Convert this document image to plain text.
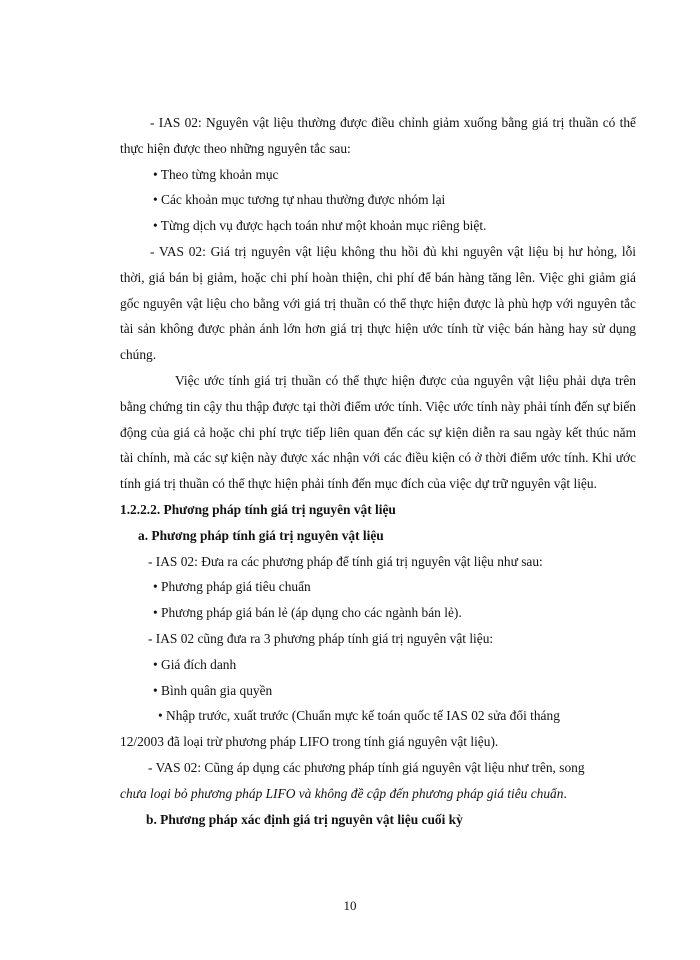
- IAS 02: Nguyên vật liệu thường được điều chỉnh giảm xuống bằng giá trị thuần có thể thực hiện được theo những nguyên tắc sau:

• Theo từng khoản mục

• Các khoản mục tương tự nhau thường được nhóm lại

• Từng dịch vụ được hạch toán như một khoản mục riêng biệt.

- VAS 02: Giá trị nguyên vật liệu không thu hồi đủ khi nguyên vật liệu bị hư hỏng, lỗi thời, giá bán bị giảm, hoặc chi phí hoàn thiện, chi phí để bán hàng tăng lên. Việc ghi giảm giá gốc nguyên vật liệu cho bằng với giá trị thuần có thể thực hiện được là phù hợp với nguyên tắc tài sản không được phản ánh lớn hơn giá trị thực hiện ước tính từ việc bán hàng hay sử dụng chúng.

Việc ước tính giá trị thuần có thể thực hiện được của nguyên vật liệu phải dựa trên bằng chứng tin cậy thu thập được tại thời điểm ước tính. Việc ước tính này phải tính đến sự biến động của giá cả hoặc chi phí trực tiếp liên quan đến các sự kiện diễn ra sau ngày kết thúc năm tài chính, mà các sự kiện này được xác nhận với các điều kiện có ở thời điểm ước tính. Khi ước tính giá trị thuần có thể thực hiện phải tính đến mục đích của việc dự trữ nguyên vật liệu.

1.2.2.2. Phương pháp tính giá trị nguyên vật liệu

a. Phương pháp tính giá trị nguyên vật liệu

- IAS 02: Đưa ra các phương pháp để tính giá trị nguyên vật liệu như sau:

• Phương pháp giá tiêu chuẩn

• Phương pháp giá bán lẻ (áp dụng cho các ngành bán lẻ).

- IAS 02 cũng đưa ra 3 phương pháp tính giá trị nguyên vật liệu:

• Giá đích danh

• Bình quân gia quyền

• Nhập trước, xuất trước (Chuẩn mực kế toán quốc tế IAS 02 sửa đổi tháng

12/2003 đã loại trừ phương pháp LIFO trong tính giá nguyên vật liệu).

- VAS 02: Cũng áp dụng các phương pháp tính giá nguyên vật liệu như trên, song

chưa loại bỏ phương pháp LIFO và không đề cập đến phương pháp giá tiêu chuẩn.

b. Phương pháp xác định giá trị nguyên vật liệu cuối kỳ

10
